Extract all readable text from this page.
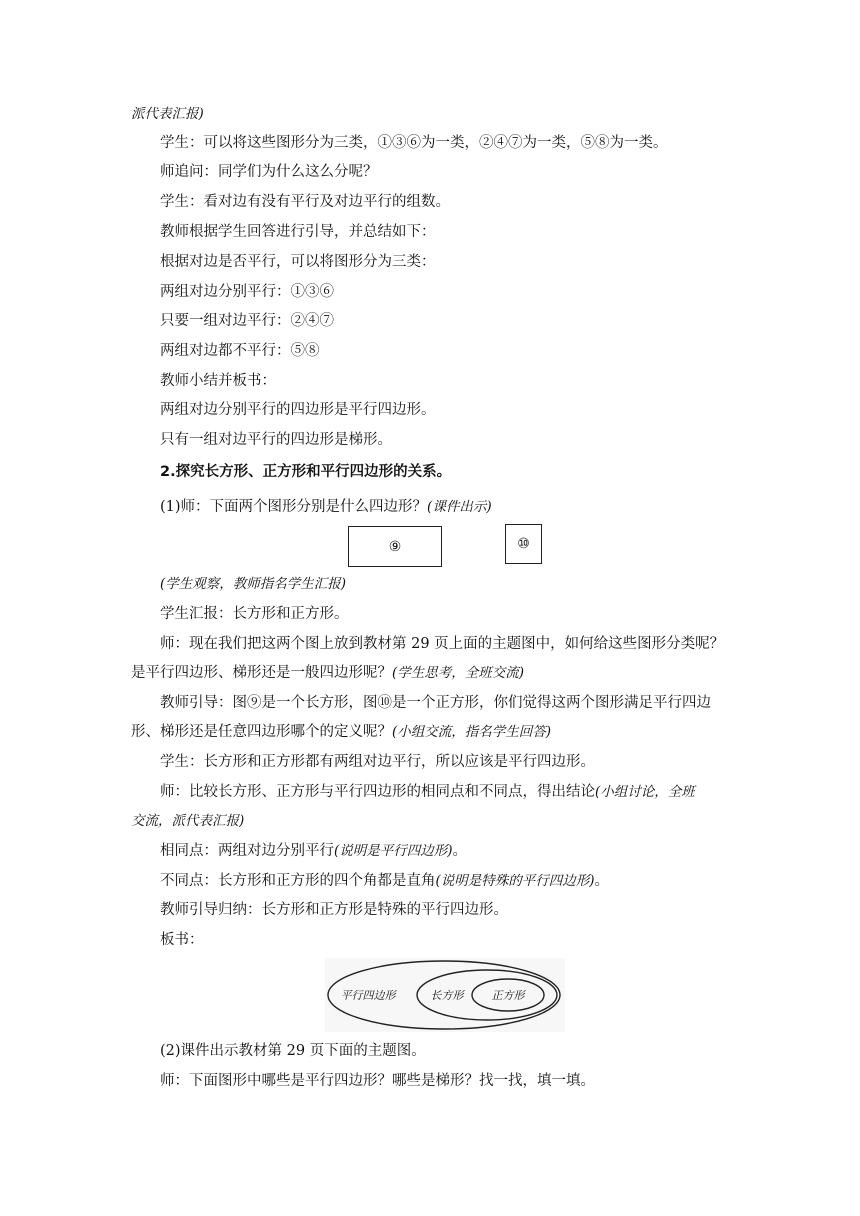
派代表汇报)
学生：可以将这些图形分为三类，①③⑥为一类，②④⑦为一类，⑤⑧为一类。
师追问：同学们为什么这么分呢？
学生：看对边有没有平行及对边平行的组数。
教师根据学生回答进行引导，并总结如下：
根据对边是否平行，可以将图形分为三类：
两组对边分别平行：①③⑥
只要一组对边平行：②④⑦
两组对边都不平行：⑤⑧
教师小结并板书：
两组对边分别平行的四边形是平行四边形。
只有一组对边平行的四边形是梯形。
2.探究长方形、正方形和平行四边形的关系。
(1)师：下面两个图形分别是什么四边形？(课件出示)
⑨	⑩
(学生观察，教师指名学生汇报)
学生汇报：长方形和正方形。
师：现在我们把这两个图上放到教材第 29 页上面的主题图中，如何给这些图形分类呢？
是平行四边形、梯形还是一般四边形呢？(学生思考，全班交流)
教师引导：图⑨是一个长方形，图⑩是一个正方形，你们觉得这两个图形满足平行四边
形、梯形还是任意四边形哪个的定义呢？(小组交流，指名学生回答)
学生：长方形和正方形都有两组对边平行，所以应该是平行四边形。
师：比较长方形、正方形与平行四边形的相同点和不同点，得出结论(小组讨论，全班
交流，派代表汇报)
相同点：两组对边分别平行(说明是平行四边形)。
不同点：长方形和正方形的四个角都是直角(说明是特殊的平行四边形)。
教师引导归纳：长方形和正方形是特殊的平行四边形。
板书：
平行四边形	长方形	正方形
(2)课件出示教材第 29 页下面的主题图。
师：下面图形中哪些是平行四边形？哪些是梯形？找一找，填一填。
